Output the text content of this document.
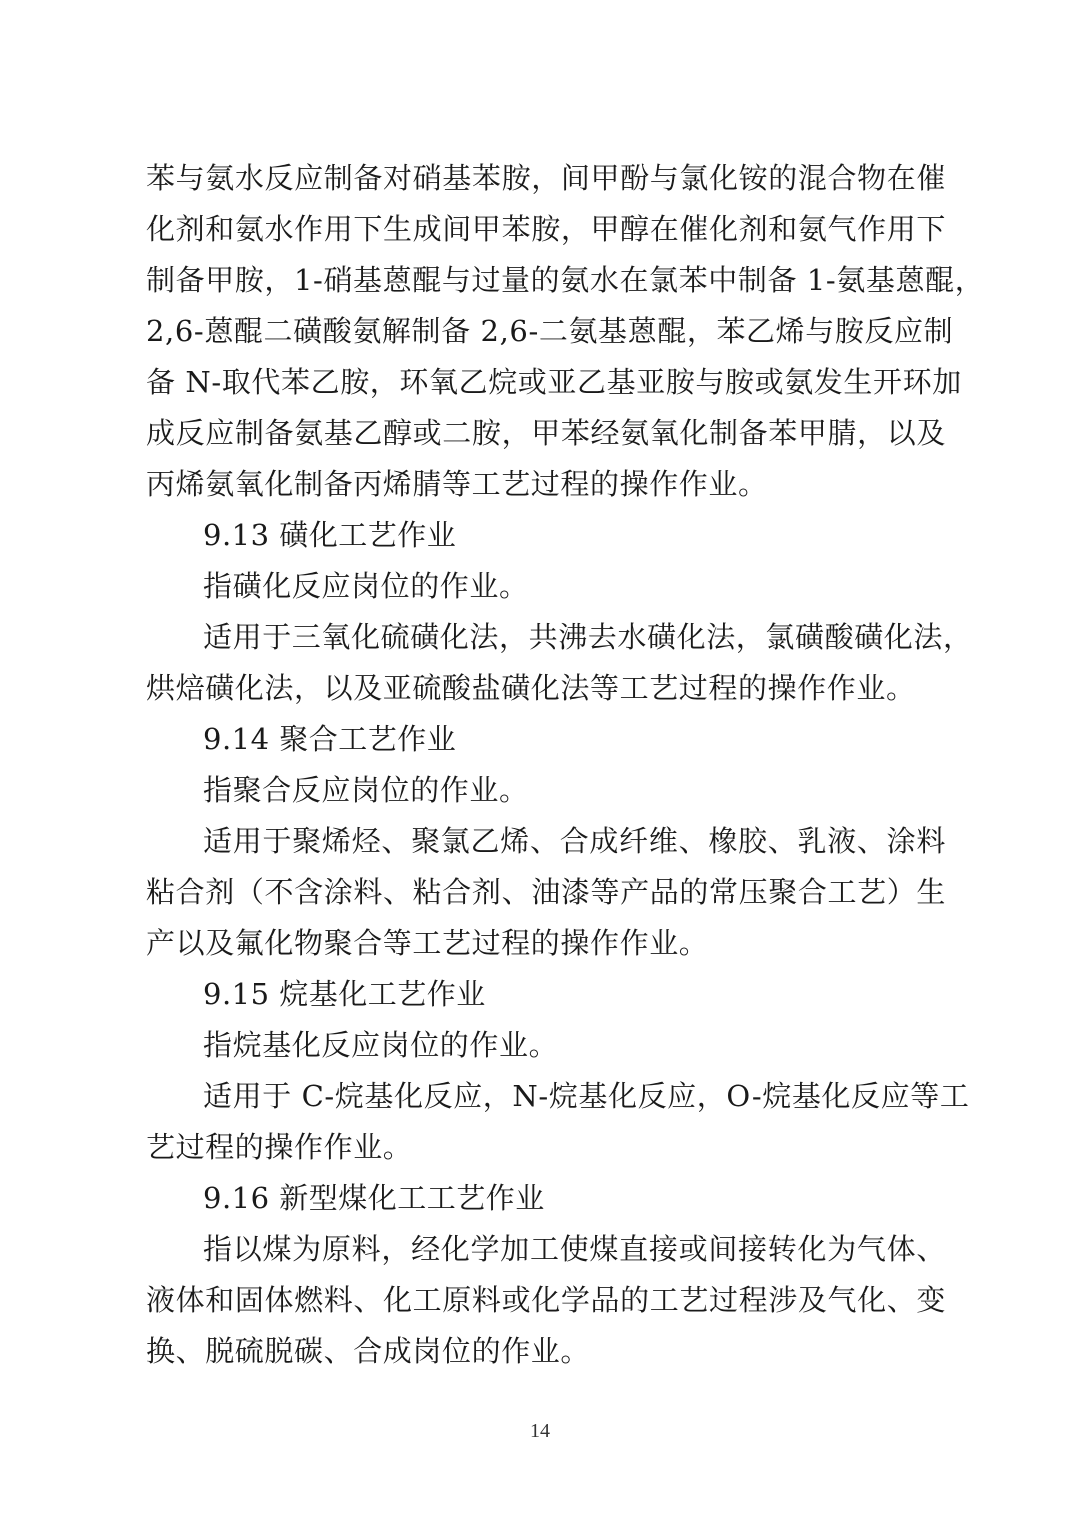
苯与氨水反应制备对硝基苯胺，间甲酚与氯化铵的混合物在催
化剂和氨水作用下生成间甲苯胺，甲醇在催化剂和氨气作用下
制备甲胺，1-硝基蒽醌与过量的氨水在氯苯中制备 1-氨基蒽醌，
2,6-蒽醌二磺酸氨解制备 2,6-二氨基蒽醌，苯乙烯与胺反应制
备 N-取代苯乙胺，环氧乙烷或亚乙基亚胺与胺或氨发生开环加
成反应制备氨基乙醇或二胺，甲苯经氨氧化制备苯甲腈，以及
丙烯氨氧化制备丙烯腈等工艺过程的操作作业。
9.13 磺化工艺作业
指磺化反应岗位的作业。
适用于三氧化硫磺化法，共沸去水磺化法，氯磺酸磺化法，
烘焙磺化法，以及亚硫酸盐磺化法等工艺过程的操作作业。
9.14 聚合工艺作业
指聚合反应岗位的作业。
适用于聚烯烃、聚氯乙烯、合成纤维、橡胶、乳液、涂料
粘合剂（不含涂料、粘合剂、油漆等产品的常压聚合工艺）生
产以及氟化物聚合等工艺过程的操作作业。
9.15 烷基化工艺作业
指烷基化反应岗位的作业。
适用于 C-烷基化反应，N-烷基化反应，O-烷基化反应等工
艺过程的操作作业。
9.16 新型煤化工工艺作业
指以煤为原料，经化学加工使煤直接或间接转化为气体、
液体和固体燃料、化工原料或化学品的工艺过程涉及气化、变
换、脱硫脱碳、合成岗位的作业。
14
